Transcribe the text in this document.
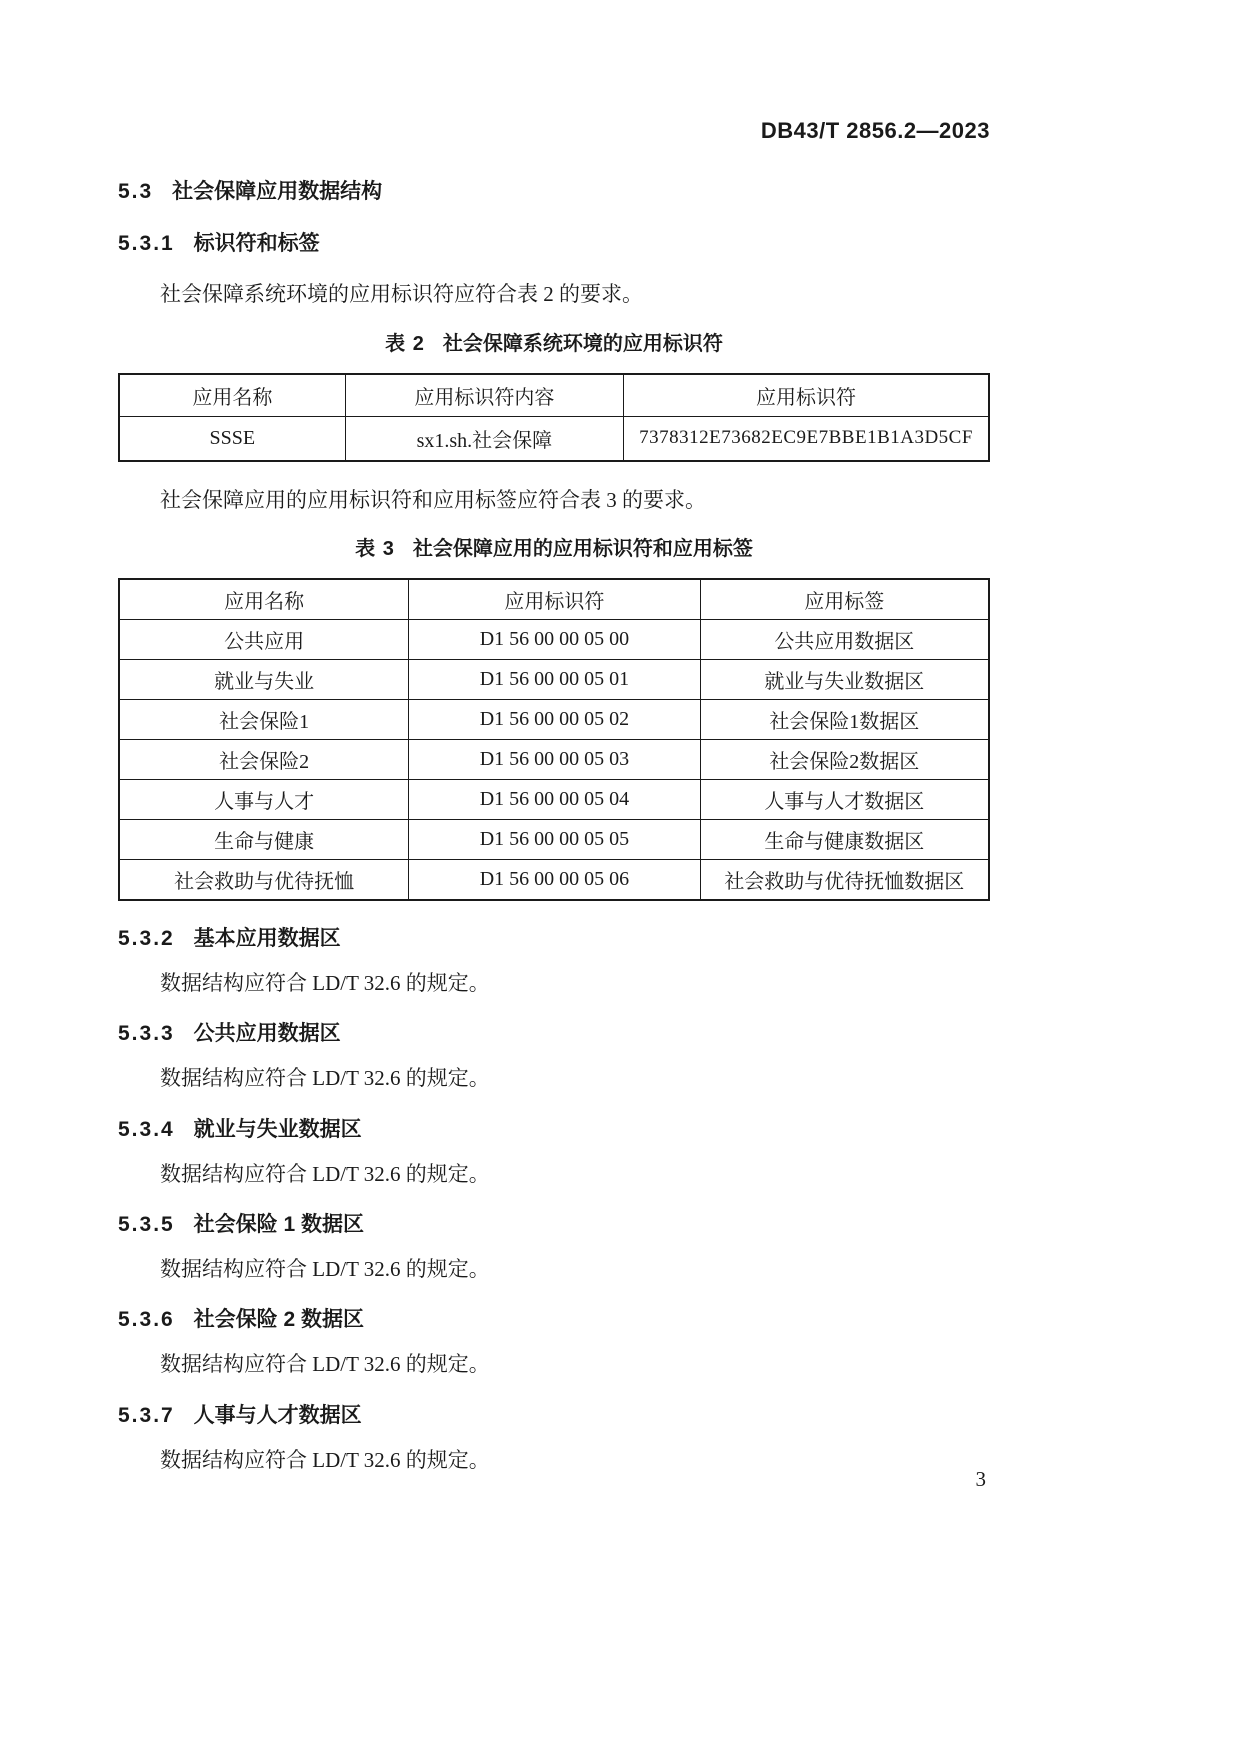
DB43/T 2856.2—2023
5.3 社会保障应用数据结构
5.3.1 标识符和标签

社会保障系统环境的应用标识符应符合表 2 的要求。

表 2 社会保障系统环境的应用标识符
应用名称	应用标识符内容	应用标识符
SSSE	sx1.sh.社会保障	7378312E73682EC9E7BBE1B1A3D5CF

社会保障应用的应用标识符和应用标签应符合表 3 的要求。

表 3 社会保障应用的应用标识符和应用标签
应用名称	应用标识符	应用标签
公共应用	D1 56 00 00 05 00	公共应用数据区
就业与失业	D1 56 00 00 05 01	就业与失业数据区
社会保险1	D1 56 00 00 05 02	社会保险1数据区
社会保险2	D1 56 00 00 05 03	社会保险2数据区
人事与人才	D1 56 00 00 05 04	人事与人才数据区
生命与健康	D1 56 00 00 05 05	生命与健康数据区
社会救助与优待抚恤	D1 56 00 00 05 06	社会救助与优待抚恤数据区
5.3.2 基本应用数据区

数据结构应符合 LD/T 32.6 的规定。

5.3.3 公共应用数据区

数据结构应符合 LD/T 32.6 的规定。

5.3.4 就业与失业数据区

数据结构应符合 LD/T 32.6 的规定。

5.3.5 社会保险 1 数据区

数据结构应符合 LD/T 32.6 的规定。

5.3.6 社会保险 2 数据区

数据结构应符合 LD/T 32.6 的规定。

5.3.7 人事与人才数据区

数据结构应符合 LD/T 32.6 的规定。

3
